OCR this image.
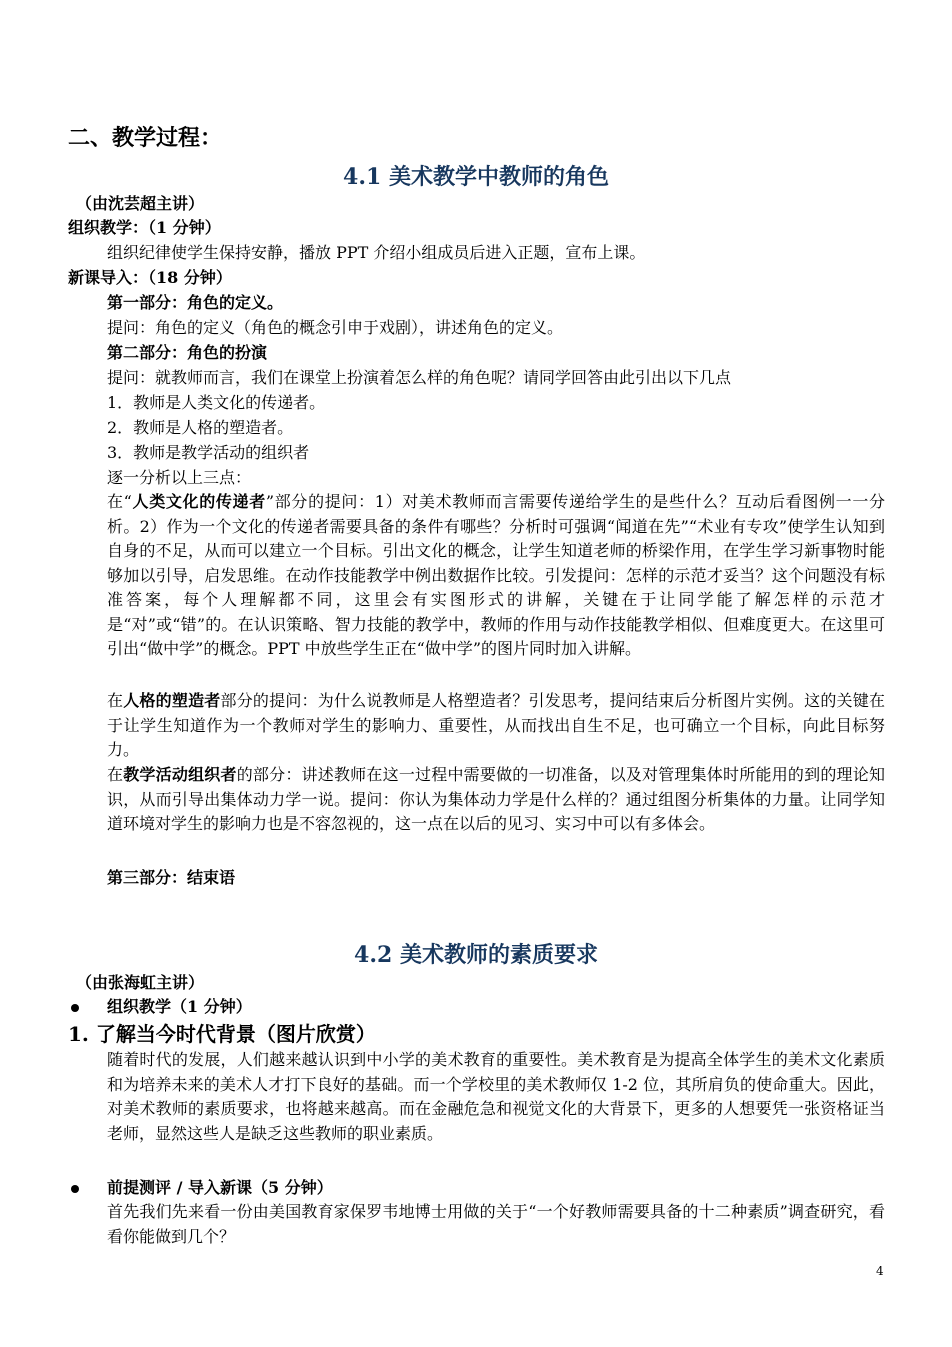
二、教学过程：
4.1 美术教学中教师的角色
（由沈芸超主讲）
组织教学：（1 分钟）
组织纪律使学生保持安静，播放 PPT 介绍小组成员后进入正题，宣布上课。
新课导入：（18 分钟）
第一部分：角色的定义。
提问：角色的定义（角色的概念引申于戏剧），讲述角色的定义。
第二部分：角色的扮演
提问：就教师而言，我们在课堂上扮演着怎么样的角色呢？请同学回答由此引出以下几点
1．教师是人类文化的传递者。
2．教师是人格的塑造者。
3．教师是教学活动的组织者
逐一分析以上三点：
在“人类文化的传递者”部分的提问：1）对美术教师而言需要传递给学生的是些什么？互动后看图例一一分析。2）作为一个文化的传递者需要具备的条件有哪些？分析时可强调“闻道在先”“术业有专攻”使学生认知到自身的不足，从而可以建立一个目标。引出文化的概念，让学生知道老师的桥梁作用，在学生学习新事物时能够加以引导，启发思维。在动作技能教学中例出数据作比较。引发提问：怎样的示范才妥当？这个问题没有标准答案，每个人理解都不同，这里会有实图形式的讲解，关键在于让同学能了解怎样的示范才是“对”或“错”的。在认识策略、智力技能的教学中，教师的作用与动作技能教学相似、但难度更大。在这里可引出“做中学”的概念。PPT 中放些学生正在“做中学”的图片同时加入讲解。
在人格的塑造者部分的提问：为什么说教师是人格塑造者？引发思考，提问结束后分析图片实例。这的关键在于让学生知道作为一个教师对学生的影响力、重要性，从而找出自生不足，也可确立一个目标，向此目标努力。
在教学活动组织者的部分：讲述教师在这一过程中需要做的一切准备，以及对管理集体时所能用的到的理论知识，从而引导出集体动力学一说。提问：你认为集体动力学是什么样的？通过组图分析集体的力量。让同学知道环境对学生的影响力也是不容忽视的，这一点在以后的见习、实习中可以有多体会。
第三部分：结束语
4.2 美术教师的素质要求
（由张海虹主讲）
组织教学（1 分钟）
1. 了解当今时代背景（图片欣赏）
随着时代的发展，人们越来越认识到中小学的美术教育的重要性。美术教育是为提高全体学生的美术文化素质和为培养未来的美术人才打下良好的基础。而一个学校里的美术教师仅 1-2 位，其所肩负的使命重大。因此，对美术教师的素质要求，也将越来越高。而在金融危急和视觉文化的大背景下，更多的人想要凭一张资格证当老师，显然这些人是缺乏这些教师的职业素质。
前提测评 / 导入新课（5 分钟）
首先我们先来看一份由美国教育家保罗韦地博士用做的关于“一个好教师需要具备的十二种素质”调查研究，看看你能做到几个？
4
